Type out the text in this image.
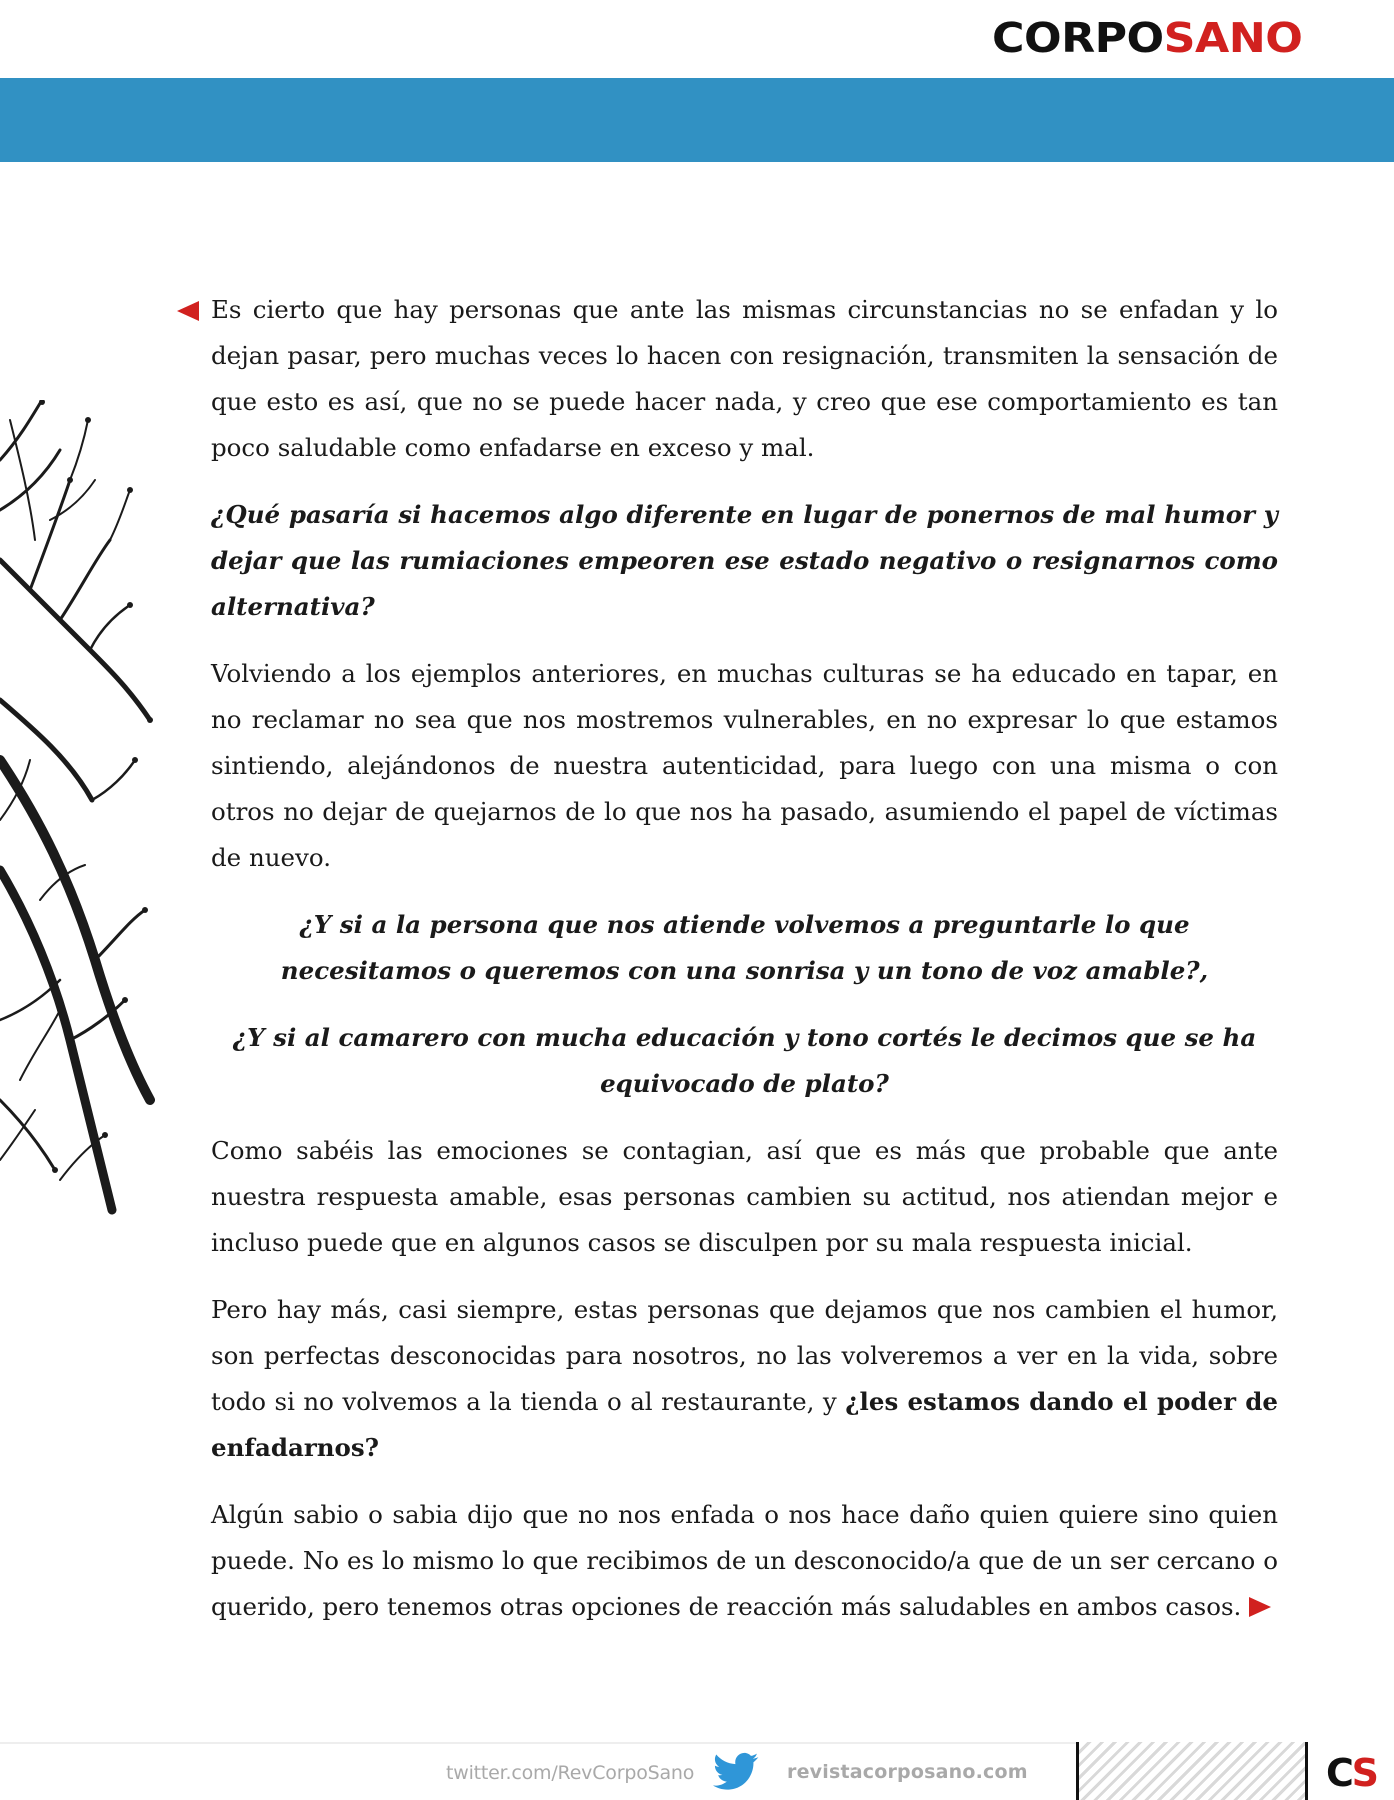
CORPOSANO

Es cierto que hay personas que ante las mismas circunstancias no se enfadan y lo dejan pasar, pero muchas veces lo hacen con resignación, transmiten la sensación de que esto es así, que no se puede hacer nada, y creo que ese comportamiento es tan poco saludable como enfadarse en exceso y mal.

¿Qué pasaría si hacemos algo diferente en lugar de ponernos de mal humor y dejar que las rumiaciones empeoren ese estado negativo o resignarnos como alternativa?

Volviendo a los ejemplos anteriores, en muchas culturas se ha educado en tapar, en no reclamar no sea que nos mostremos vulnerables, en no expresar lo que estamos sintiendo, alejándonos de nuestra autenticidad, para luego con una misma o con otros no dejar de quejarnos de lo que nos ha pasado, asumiendo el papel de víctimas de nuevo.

¿Y si a la persona que nos atiende volvemos a preguntarle lo que necesitamos o queremos con una sonrisa y un tono de voz amable?,

¿Y si al camarero con mucha educación y tono cortés le decimos que se ha equivocado de plato?

Como sabéis las emociones se contagian, así que es más que probable que ante nuestra respuesta amable, esas personas cambien su actitud, nos atiendan mejor e incluso puede que en algunos casos se disculpen por su mala respuesta inicial.

Pero hay más, casi siempre, estas personas que dejamos que nos cambien el humor, son perfectas desconocidas para nosotros, no las volveremos a ver en la vida, sobre todo si no volvemos a la tienda o al restaurante, y ¿les estamos dando el poder de enfadarnos?

Algún sabio o sabia dijo que no nos enfada o nos hace daño quien quiere sino quien puede. No es lo mismo lo que recibimos de un desconocido/a que de un ser cercano o querido, pero tenemos otras opciones de reacción más saludables en ambos casos.

twitter.com/RevCorpoSano	revistacorposano.com	CS
